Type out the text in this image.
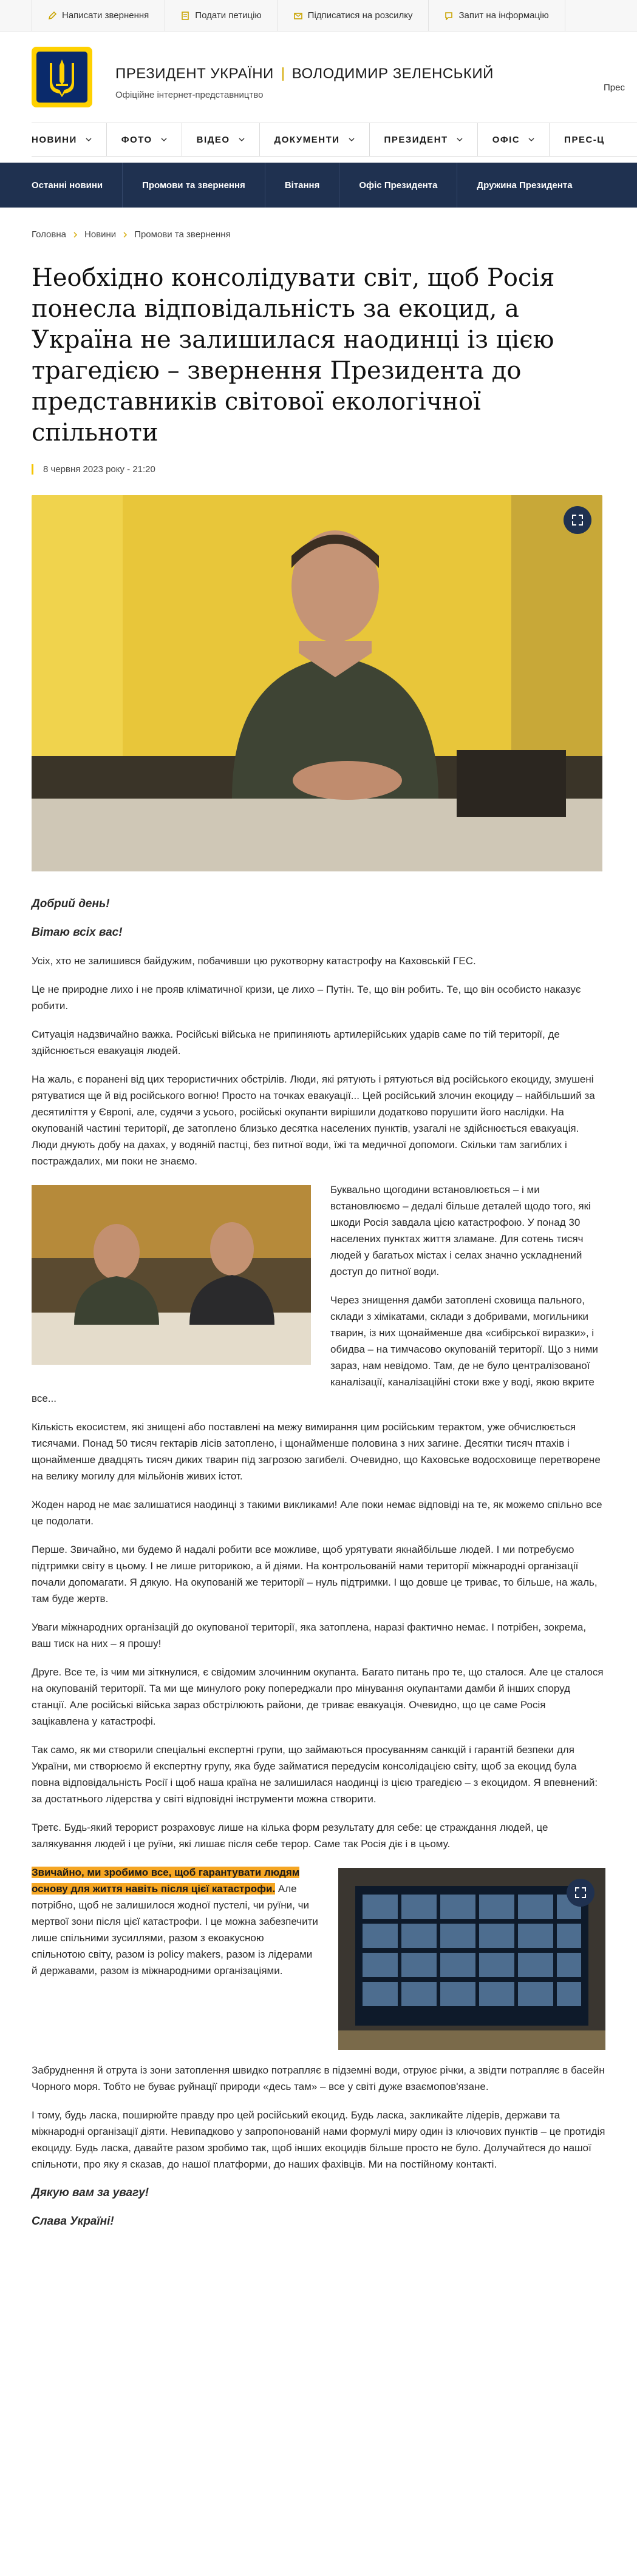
Написати звернення	Подати петицію	Підписатися на розсилку	Запит на інформацію
ПРЕЗИДЕНТ УКРАЇНИ ВОЛОДИМИР ЗЕЛЕНСЬКИЙ
Офіційне інтернет-представництво
Прес
НОВИНИ	ФОТО	ВІДЕО	ДОКУМЕНТИ	ПРЕЗИДЕНТ	ОФІС	ПРЕС-Ц
Останні новини	Промови та звернення	Вітання	Офіс Президента	Дружина Президента
Головна Новини Промови та звернення
Необхідно консолідувати світ, щоб Росія понесла відповідальність за екоцид, а Україна не залишилася наодинці із цією трагедією – звернення Президента до представників світової екологічної спільноти
8 червня 2023 року - 21:20

Добрий день!

Вітаю всіх вас!

Усіх, хто не залишився байдужим, побачивши цю рукотворну катастрофу на Каховській ГЕС.

Це не природне лихо і не прояв кліматичної кризи, це лихо – Путін. Те, що він робить. Те, що він особисто наказує робити.

Ситуація надзвичайно важка. Російські війська не припиняють артилерійських ударів саме по тій території, де здійснюється евакуація людей.

На жаль, є поранені від цих терористичних обстрілів. Люди, які рятують і рятуються від російського екоциду, змушені рятуватися ще й від російського вогню! Просто на точках евакуації... Цей російський злочин екоциду – найбільший за десятиліття у Європі, але, судячи з усього, російські окупанти вирішили додатково порушити його наслідки. На окупованій частині території, де затоплено близько десятка населених пунктів, узагалі не здійснюється евакуація. Люди днують добу на дахах, у водяній пастці, без питної води, їжі та медичної допомоги. Скільки там загиблих і постраждалих, ми поки не знаємо.

Буквально щогодини встановлюється – і ми встановлюємо – дедалі більше деталей щодо того, які шкоди Росія завдала цією катастрофою. У понад 30 населених пунктах життя зламане. Для сотень тисяч людей у багатьох містах і селах значно ускладнений доступ до питної води.

Через знищення дамби затоплені сховища пального, склади з хімікатами, склади з добривами, могильники тварин, із них щонайменше два «сибірської виразки», і обидва – на тимчасово окупованій території. Що з ними зараз, нам невідомо. Там, де не було централізованої каналізації, каналізаційні стоки вже у воді, якою вкрите все...

Кількість екосистем, які знищені або поставлені на межу вимирання цим російським терактом, уже обчислюється тисячами. Понад 50 тисяч гектарів лісів затоплено, і щонайменше половина з них загине. Десятки тисяч птахів і щонайменше двадцять тисяч диких тварин під загрозою загибелі. Очевидно, що Каховське водосховище перетворене на велику могилу для мільйонів живих істот.

Жоден народ не має залишатися наодинці з такими викликами! Але поки немає відповіді на те, як можемо спільно все це подолати.

Перше. Звичайно, ми будемо й надалі робити все можливе, щоб урятувати якнайбільше людей. І ми потребуємо підтримки світу в цьому. І не лише риторикою, а й діями. На контрольованій нами території міжнародні організації почали допомагати. Я дякую. На окупованій же території – нуль підтримки. І що довше це триває, то більше, на жаль, там буде жертв.

Уваги міжнародних організацій до окупованої території, яка затоплена, наразі фактично немає. І потрібен, зокрема, ваш тиск на них – я прошу!

Друге. Все те, із чим ми зіткнулися, є свідомим злочинним окупанта. Багато питань про те, що сталося. Але це сталося на окупованій території. Та ми ще минулого року попереджали про мінування окупантами дамби й інших споруд станції. Але російські війська зараз обстрілюють райони, де триває евакуація. Очевидно, що це саме Росія зацікавлена у катастрофі.

Так само, як ми створили спеціальні експертні групи, що займаються просуванням санкцій і гарантій безпеки для України, ми створюємо й експертну групу, яка буде займатися передусім консолідацією світу, щоб за екоцид була повна відповідальність Росії і щоб наша країна не залишилася наодинці із цією трагедією – з екоцидом. Я впевнений: за достатнього лідерства у світі відповідні інструменти можна створити.

Третє. Будь-який терорист розраховує лише на кілька форм результату для себе: це страждання людей, це залякування людей і це руїни, які лишає після себе терор. Саме так Росія діє і в цьому.

Звичайно, ми зробимо все, щоб гарантувати людям основу для життя навіть після цієї катастрофи. Але потрібно, щоб не залишилося жодної пустелі, чи руїни, чи мертвої зони після цієї катастрофи. І це можна забезпечити лише спільними зусиллями, разом з екоакусною спільнотою світу, разом із policy makers, разом із лідерами й державами, разом із міжнародними організаціями.

Забруднення й отрута із зони затоплення швидко потрапляє в підземні води, отруює річки, а звідти потрапляє в басейн Чорного моря. Тобто не буває руйнації природи «десь там» – все у світі дуже взаємопов'язане.

І тому, будь ласка, поширюйте правду про цей російський екоцид. Будь ласка, закликайте лідерів, держави та міжнародні організації діяти. Невипадково у запропонованій нами формулі миру один із ключових пунктів – це протидія екоциду. Будь ласка, давайте разом зробимо так, щоб інших екоцидів більше просто не було. Долучайтеся до нашої спільноти, про яку я сказав, до нашої платформи, до наших фахівців. Ми на постійному контакті.

Дякую вам за увагу!

Слава Україні!
